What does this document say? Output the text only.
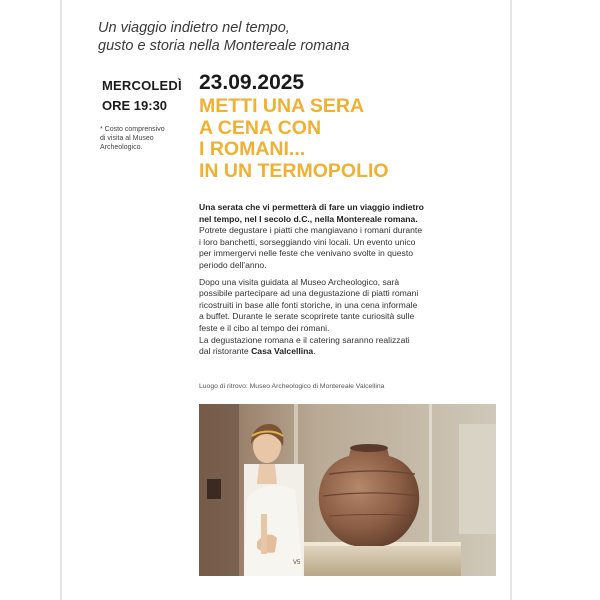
Un viaggio indietro nel tempo,
gusto e storia nella Montereale romana
MERCOLEDÌ
ORE 19:30
* Costo comprensivo
di visita al Museo
Archeologico.
23.09.2025
METTI UNA SERA
A CENA CON
I ROMANI...
IN UN TERMOPOLIO
Una serata che vi permetterà di fare un viaggio indietro
nel tempo, nel I secolo d.C., nella Montereale romana.
Potrete degustare i piatti che mangiavano i romani durante
i loro banchetti, sorseggiando vini locali. Un evento unico
per immergervi nelle feste che venivano svolte in questo
periodo dell'anno.
Dopo una visita guidata al Museo Archeologico, sarà
possibile partecipare ad una degustazione di piatti romani
ricostruiti in base alle fonti storiche, in una cena informale
a buffet. Durante le serate scoprirete tante curiosità sulle
feste e il cibo al tempo dei romani.
La degustazione romana e il catering saranno realizzati
dal ristorante Casa Valcellina.
Luogo di ritrovo: Museo Archeologico di Montereale Valcellina
V5
